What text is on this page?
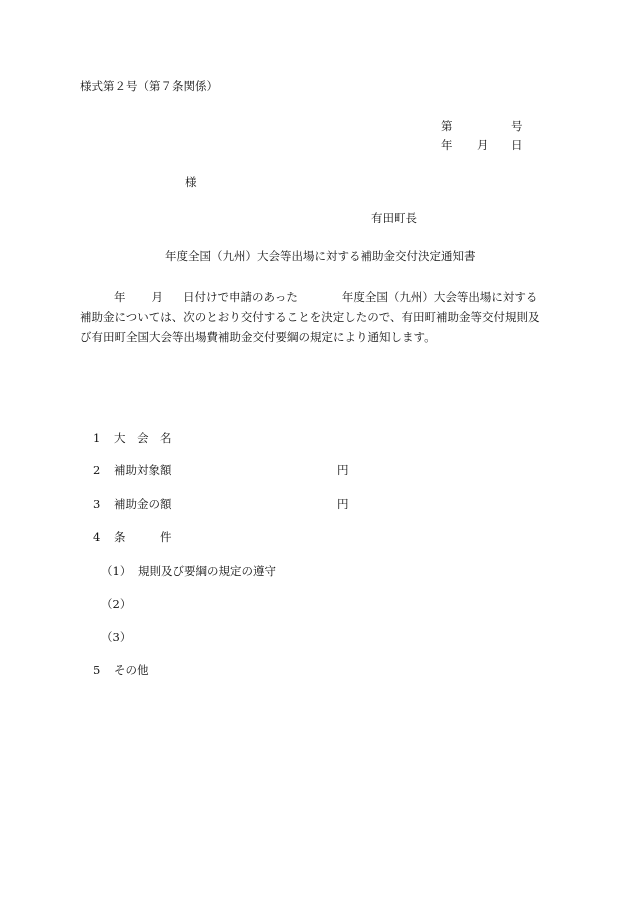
様式第２号（第７条関係）
第	号
年 月 日
様
有田町長
年度全国（九州）大会等出場に対する補助金交付決定通知書
年 月 日付けで申請のあった	年度全国（九州）大会等出場に対する
補助金については、次のとおり交付することを決定したので、有田町補助金等交付規則及
び有田町全国大会等出場費補助金交付要綱の規定により通知します。
1 大　会　名
2 補助対象額	円
3 補助金の額	円
4 条　　　件
（1） 規則及び要綱の規定の遵守
（2）
（3）
5 その他
